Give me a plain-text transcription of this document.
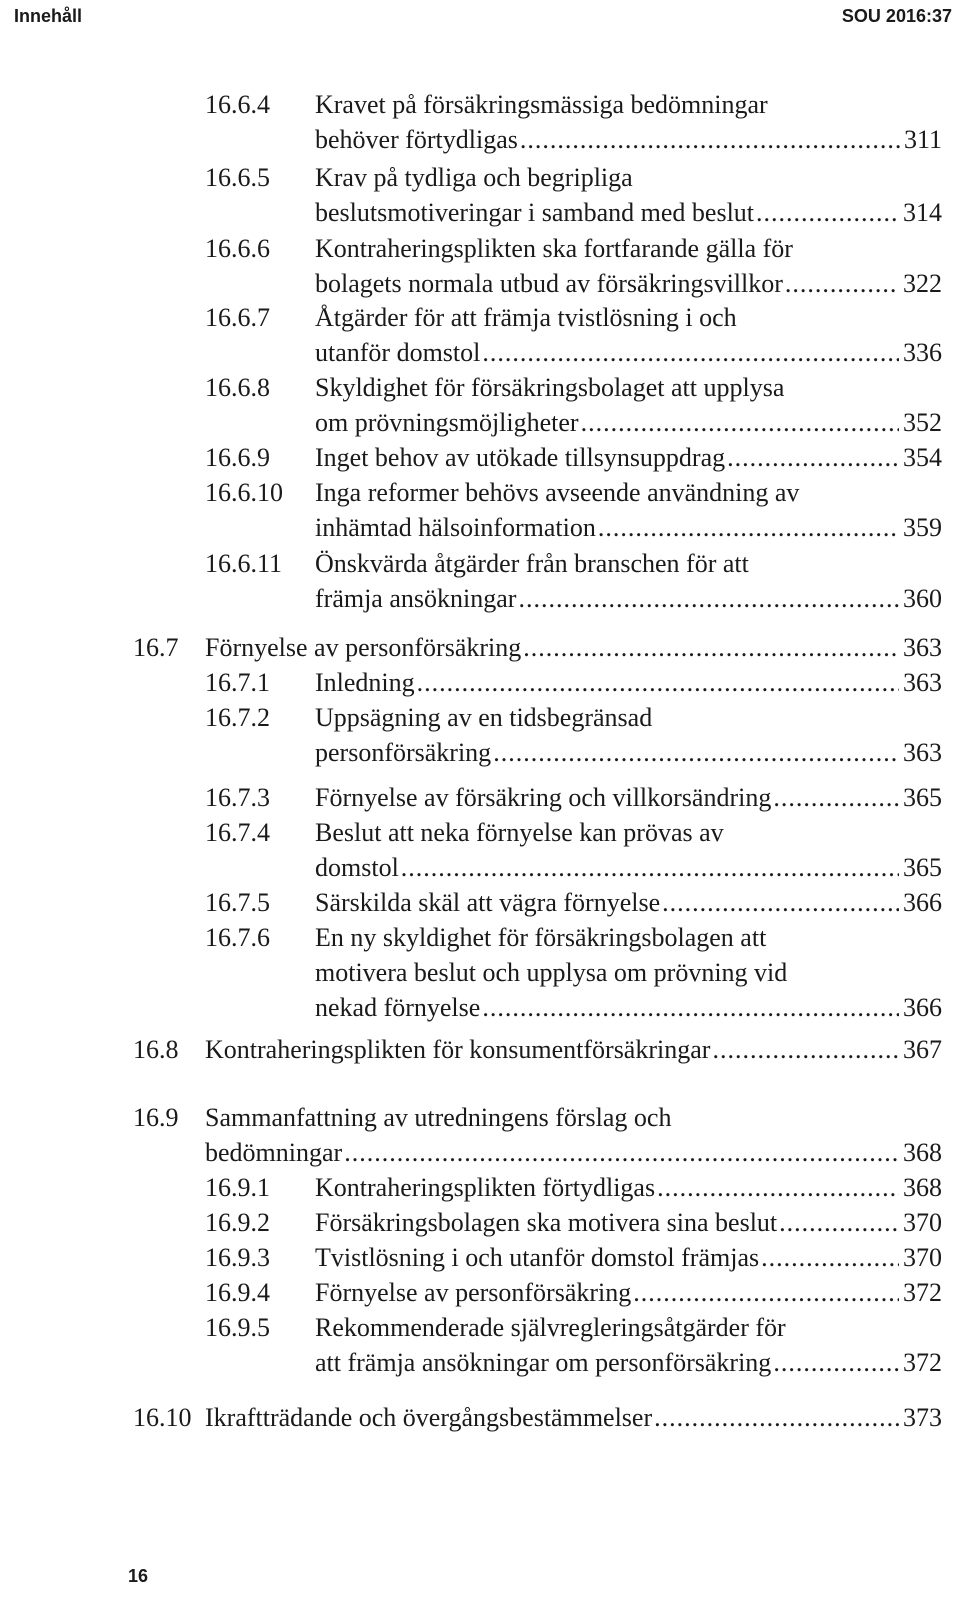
Innehåll	SOU 2016:37
16.6.4 Kravet på försäkringsmässiga bedömningar
behöver förtydligas .....	311
16.6.5 Krav på tydliga och begripliga
beslutsmotiveringar i samband med beslut .....	314
16.6.6 Kontraheringsplikten ska fortfarande gälla för
bolagets normala utbud av försäkringsvillkor .....	322
16.6.7 Åtgärder för att främja tvistlösning i och
utanför domstol .....	336
16.6.8 Skyldighet för försäkringsbolaget att upplysa
om prövningsmöjligheter .....	352
16.6.9 Inget behov av utökade tillsynsuppdrag .....	354
16.6.10 Inga reformer behövs avseende användning av
inhämtad hälsoinformation .....	359
16.6.11 Önskvärda åtgärder från branschen för att
främja ansökningar .....	360
16.7 Förnyelse av personförsäkring .....	363
16.7.1 Inledning .....	363
16.7.2 Uppsägning av en tidsbegränsad
personförsäkring .....	363
16.7.3 Förnyelse av försäkring och villkorsändring .....	365
16.7.4 Beslut att neka förnyelse kan prövas av
domstol .....	365
16.7.5 Särskilda skäl att vägra förnyelse .....	366
16.7.6 En ny skyldighet för försäkringsbolagen att
motivera beslut och upplysa om prövning vid
nekad förnyelse .....	366
16.8 Kontraheringsplikten för konsumentförsäkringar .....	367
16.9 Sammanfattning av utredningens förslag och
bedömningar .....	368
16.9.1 Kontraheringsplikten förtydligas .....	368
16.9.2 Försäkringsbolagen ska motivera sina beslut .....	370
16.9.3 Tvistlösning i och utanför domstol främjas .....	370
16.9.4 Förnyelse av personförsäkring .....	372
16.9.5 Rekommenderade självregleringsåtgärder för
att främja ansökningar om personförsäkring .....	372
16.10 Ikraftträdande och övergångsbestämmelser .....	373
16
